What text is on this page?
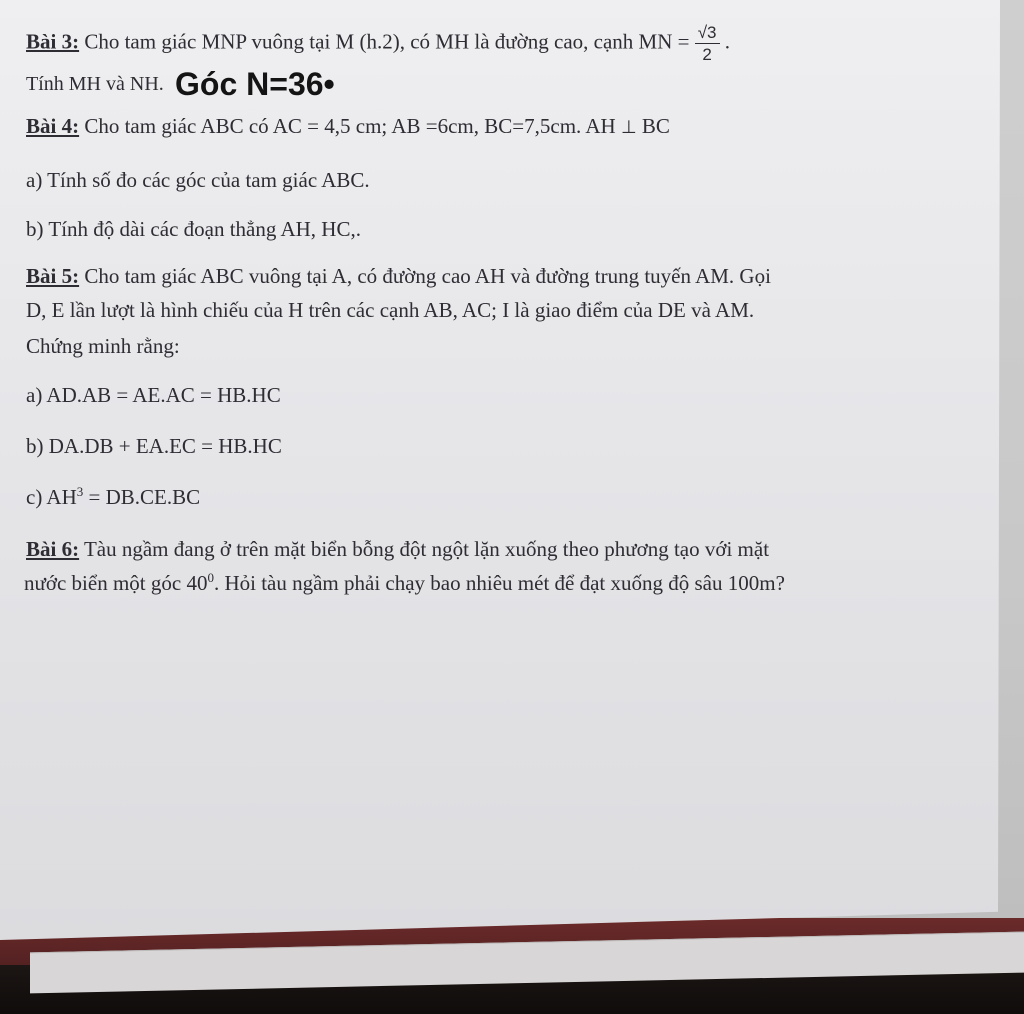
Bài 3: Cho tam giác MNP vuông tại M (h.2), có MH là đường cao, cạnh MN = $\frac{√3}{2}$ .
Tính MH và NH. Góc N=36•
Bài 4: Cho tam giác ABC có AC = 4,5 cm; AB =6cm, BC=7,5cm. AH ⊥ BC
a) Tính số đo các góc của tam giác ABC.
b) Tính độ dài các đoạn thẳng AH, HC,.
Bài 5: Cho tam giác ABC vuông tại A, có đường cao AH và đường trung tuyến AM. Gọi
D, E lần lượt là hình chiếu của H trên các cạnh AB, AC; I là giao điểm của DE và AM.
Chứng minh rằng:
a) AD.AB = AE.AC = HB.HC
b) DA.DB + EA.EC = HB.HC
c) $AH^3 = DB.CE.BC$
Bài 6: Tàu ngầm đang ở trên mặt biển bỗng đột ngột lặn xuống theo phương tạo với mặt
nước biển một góc $40^0$. Hỏi tàu ngầm phải chạy bao nhiêu mét để đạt xuống độ sâu 100m?
